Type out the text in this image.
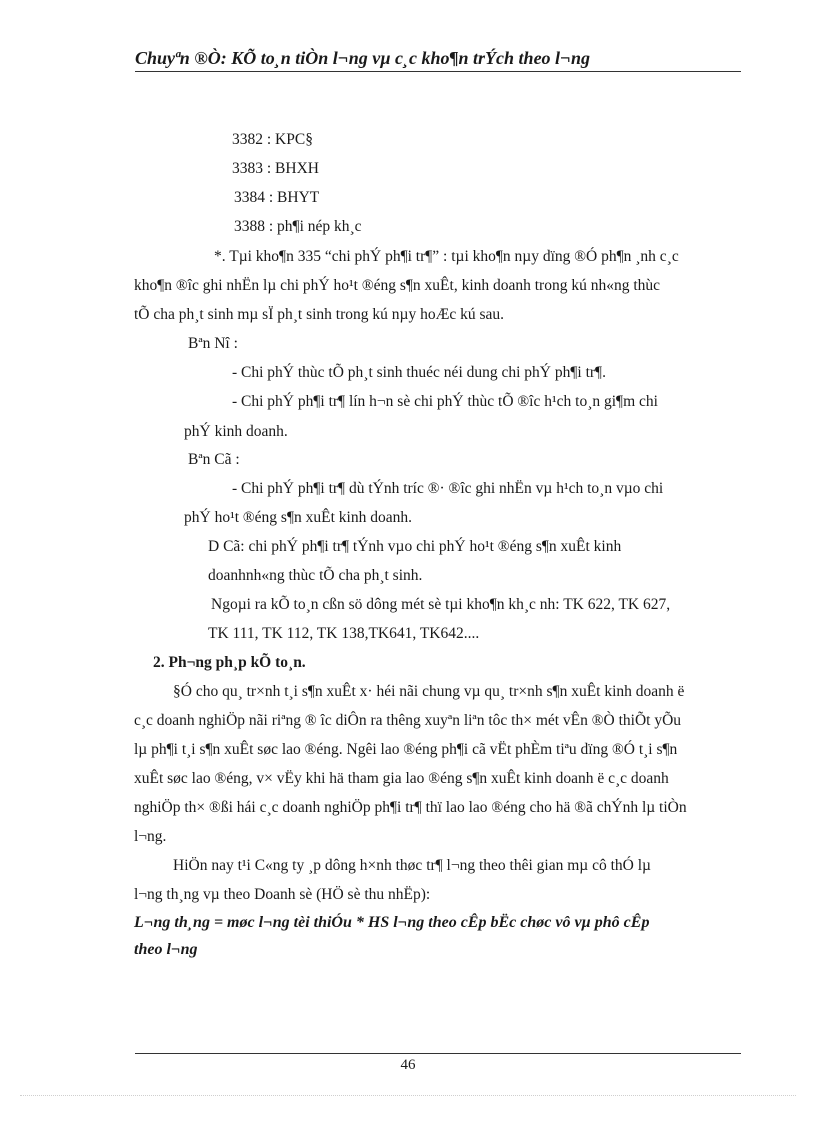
Chuyªn ®Ò: KÕ to¸n tiÒn l¬ng vµ c¸c kho¶n trÝch theo l¬ng
3382 : KPC§
3383 : BHXH
3384 : BHYT
3388 : ph¶i nép kh¸c
*. Tµi kho¶n 335 “chi phÝ ph¶i tr¶” : tµi kho¶n nµy dïng ®Ó ph¶n ¸nh c¸c
kho¶n ®îc ghi nhËn lµ chi phÝ ho¹t ®éng s¶n xuÊt, kinh doanh trong kú nh«ng thùc
tÕ cha ph¸t sinh mµ sÏ ph¸t sinh trong kú nµy hoÆc kú sau.
Bªn Nî :
- Chi phÝ thùc tÕ ph¸t sinh thuéc néi dung chi phÝ ph¶i tr¶.
- Chi phÝ ph¶i tr¶ lín h¬n sè chi phÝ thùc tÕ ®îc h¹ch to¸n gi¶m chi
phÝ kinh doanh.
Bªn Cã :
- Chi phÝ ph¶i tr¶ dù tÝnh tríc ®· ®îc ghi nhËn vµ h¹ch to¸n vµo chi
phÝ ho¹t ®éng s¶n xuÊt kinh doanh.
D Cã: chi phÝ ph¶i tr¶ tÝnh vµo chi phÝ ho¹t ®éng s¶n xuÊt kinh
doanhnh«ng thùc tÕ cha ph¸t sinh.
Ngoµi ra kÕ to¸n cßn sö dông mét sè tµi kho¶n kh¸c nh: TK 622, TK 627,
TK 111, TK 112, TK 138,TK641, TK642....
2. Ph¬ng ph¸p kÕ to¸n.
§Ó cho qu¸ tr×nh t¸i s¶n xuÊt x· héi nãi chung vµ qu¸ tr×nh s¶n xuÊt kinh doanh ë
c¸c doanh nghiÖp nãi riªng ® îc diÔn ra thêng xuyªn liªn tôc th× mét vÊn ®Ò thiÕt yÕu
lµ ph¶i t¸i s¶n xuÊt søc lao ®éng. Ngêi lao ®éng ph¶i cã vËt phÈm tiªu dïng ®Ó t¸i s¶n
xuÊt søc lao ®éng, v× vËy khi hä tham gia lao ®éng s¶n xuÊt kinh doanh ë c¸c doanh
nghiÖp th× ®ßi hái c¸c doanh nghiÖp ph¶i tr¶ thï lao lao ®éng cho hä ®ã chÝnh lµ tiÒn
l¬ng.
HiÖn nay t¹i C«ng ty ¸p dông h×nh thøc tr¶ l¬ng theo thêi gian mµ cô thÓ lµ
l¬ng th¸ng vµ theo Doanh sè (HÖ sè thu nhËp):
L¬ng th¸ng = møc l¬ng tèi thiÓu * HS l¬ng theo cÊp bËc chøc vô vµ phô cÊp
theo l¬ng
46
